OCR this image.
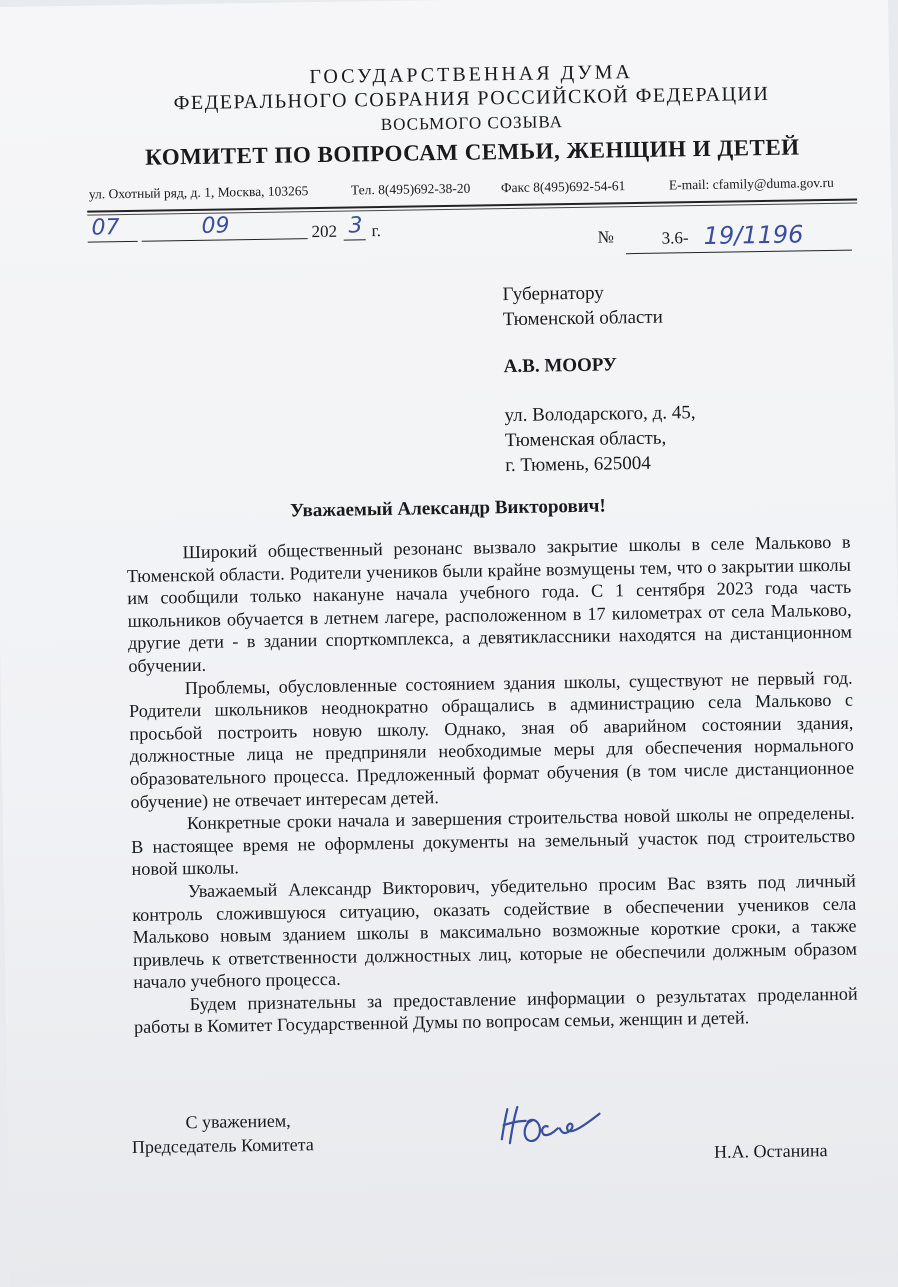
ГОСУДАРСТВЕННАЯ ДУМА
ФЕДЕРАЛЬНОГО СОБРАНИЯ РОССИЙСКОЙ ФЕДЕРАЦИИ
ВОСЬМОГО СОЗЫВА
КОМИТЕТ ПО ВОПРОСАМ СЕМЬИ, ЖЕНЩИН И ДЕТЕЙ
ул. Охотный ряд, д. 1, Москва, 103265	Тел. 8(495)692-38-20	Факс 8(495)692-54-61	E-mail: cfamily@duma.gov.ru
07	09	202 3 г.	№	3.6- 19/1196
Губернатору
Тюменской области
А.В. МООРУ
ул. Володарского, д. 45,
Тюменская область,
г. Тюмень, 625004
Уважаемый Александр Викторович!

Широкий общественный резонанс вызвало закрытие школы в селе Мальково в Тюменской области. Родители учеников были крайне возмущены тем, что о закрытии школы им сообщили только накануне начала учебного года. С 1 сентября 2023 года часть школьников обучается в летнем лагере, расположенном в 17 километрах от села Мальково, другие дети - в здании спорткомплекса, а девятиклассники находятся на дистанционном обучении.

Проблемы, обусловленные состоянием здания школы, существуют не первый год. Родители школьников неоднократно обращались в администрацию села Мальково с просьбой построить новую школу. Однако, зная об аварийном состоянии здания, должностные лица не предприняли необходимые меры для обеспечения нормального образовательного процесса. Предложенный формат обучения (в том числе дистанционное обучение) не отвечает интересам детей.

Конкретные сроки начала и завершения строительства новой школы не определены. В настоящее время не оформлены документы на земельный участок под строительство новой школы.

Уважаемый Александр Викторович, убедительно просим Вас взять под личный контроль сложившуюся ситуацию, оказать содействие в обеспечении учеников села Мальково новым зданием школы в максимально возможные короткие сроки, а также привлечь к ответственности должностных лиц, которые не обеспечили должным образом начало учебного процесса.

Будем признательны за предоставление информации о результатах проделанной работы в Комитет Государственной Думы по вопросам семьи, женщин и детей.

С уважением,
Председатель Комитета	Н.А. Останина
